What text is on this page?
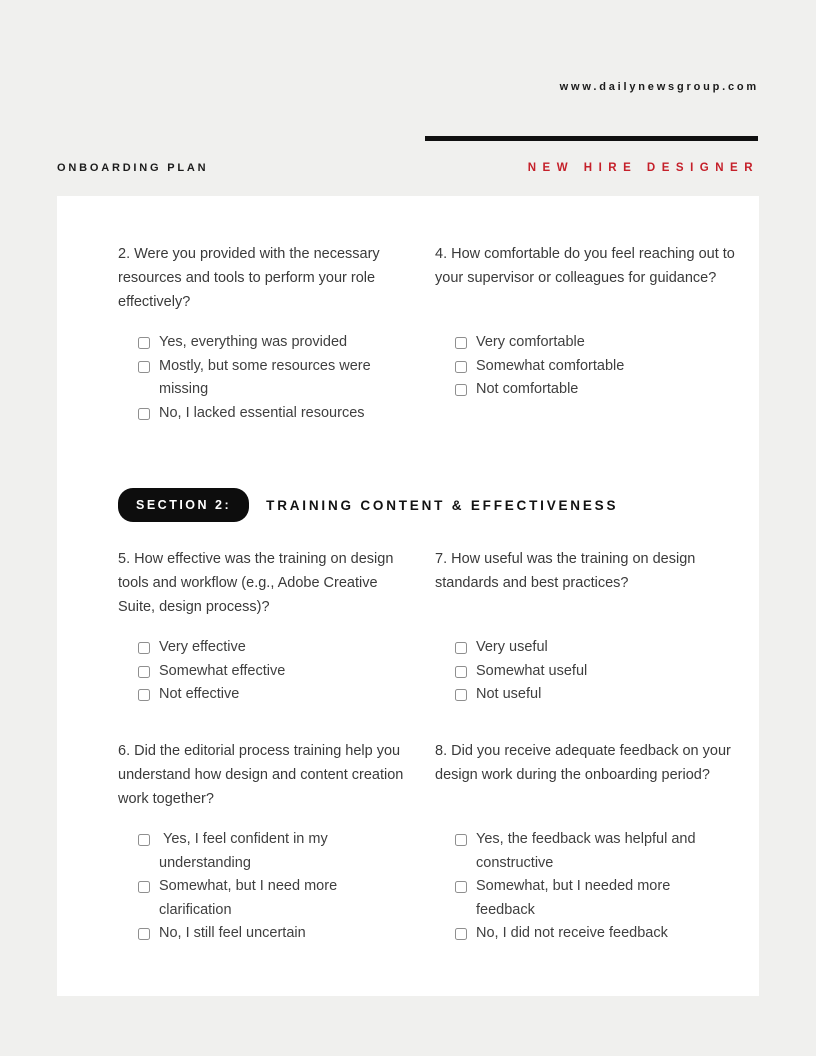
www.dailynewsgroup.com
ONBOARDING PLAN	NEW HIRE DESIGNER

2. Were you provided with the necessary resources and tools to perform your role effectively?

Yes, everything was provided
Mostly, but some resources were missing
No, I lacked essential resources

4. How comfortable do you feel reaching out to your supervisor or colleagues for guidance?

Very comfortable
Somewhat comfortable
Not comfortable
SECTION 2:	TRAINING CONTENT & EFFECTIVENESS

5. How effective was the training on design tools and workflow (e.g., Adobe Creative Suite, design process)?

Very effective
Somewhat effective
Not effective

7. How useful was the training on design standards and best practices?

Very useful
Somewhat useful
Not useful

6. Did the editorial process training help you understand how design and content creation work together?

Yes, I feel confident in my understanding
Somewhat, but I need more clarification
No, I still feel uncertain

8. Did you receive adequate feedback on your design work during the onboarding period?

Yes, the feedback was helpful and constructive
Somewhat, but I needed more feedback
No, I did not receive feedback
